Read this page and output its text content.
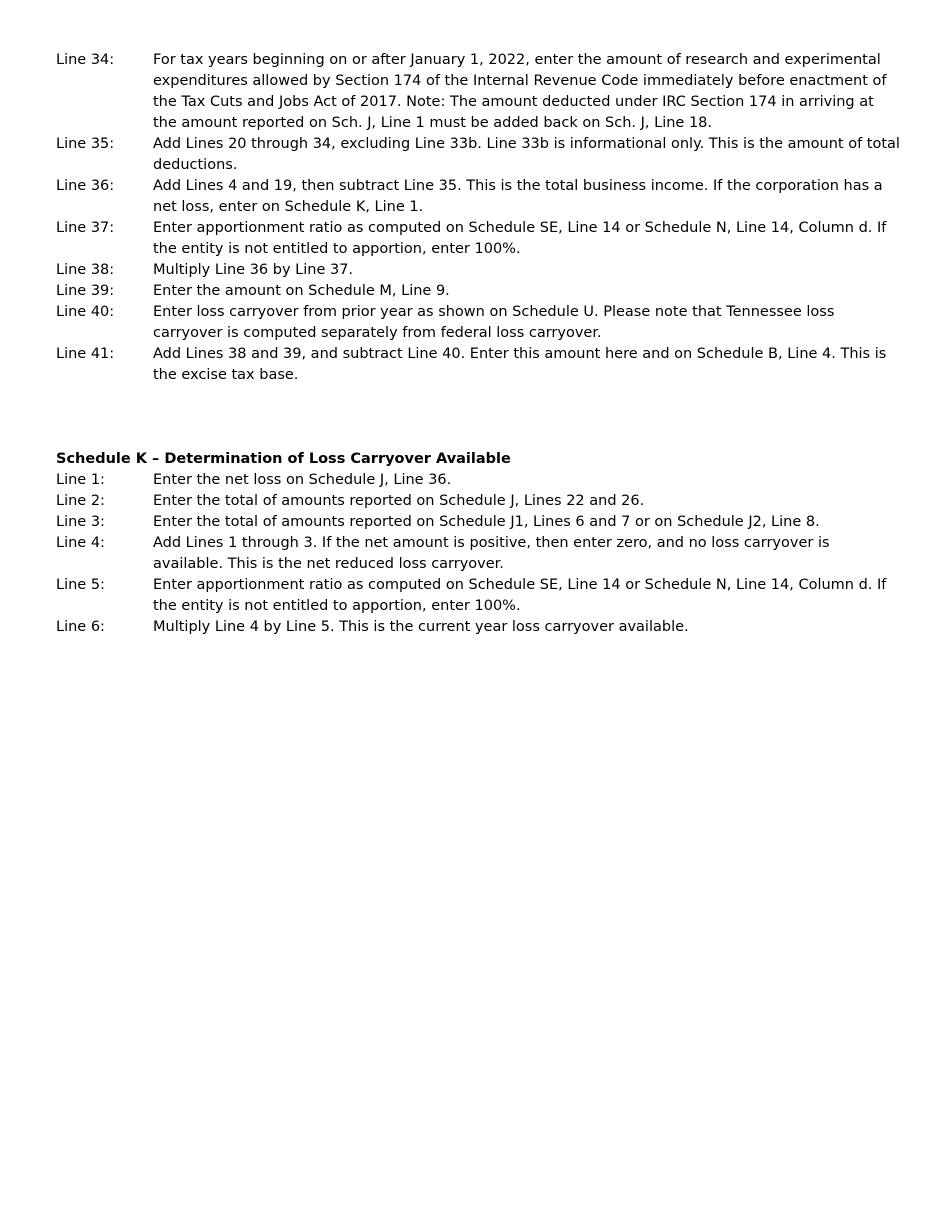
Line 34:	For tax years beginning on or after January 1, 2022, enter the amount of research and experimental expenditures allowed by Section 174 of the Internal Revenue Code immediately before enactment of the Tax Cuts and Jobs Act of 2017. Note: The amount deducted under IRC Section 174 in arriving at the amount reported on Sch. J, Line 1 must be added back on Sch. J, Line 18.
Line 35:	Add Lines 20 through 34, excluding Line 33b. Line 33b is informational only. This is the amount of total deductions.
Line 36:	Add Lines 4 and 19, then subtract Line 35. This is the total business income. If the corporation has a net loss, enter on Schedule K, Line 1.
Line 37:	Enter apportionment ratio as computed on Schedule SE, Line 14 or Schedule N, Line 14, Column d. If the entity is not entitled to apportion, enter 100%.
Line 38:	Multiply Line 36 by Line 37.
Line 39:	Enter the amount on Schedule M, Line 9.
Line 40:	Enter loss carryover from prior year as shown on Schedule U. Please note that Tennessee loss carryover is computed separately from federal loss carryover.
Line 41:	Add Lines 38 and 39, and subtract Line 40. Enter this amount here and on Schedule B, Line 4. This is the excise tax base.
Schedule K – Determination of Loss Carryover Available
Line 1:	Enter the net loss on Schedule J, Line 36.
Line 2:	Enter the total of amounts reported on Schedule J, Lines 22 and 26.
Line 3:	Enter the total of amounts reported on Schedule J1, Lines 6 and 7 or on Schedule J2, Line 8.
Line 4:	Add Lines 1 through 3. If the net amount is positive, then enter zero, and no loss carryover is available. This is the net reduced loss carryover.
Line 5:	Enter apportionment ratio as computed on Schedule SE, Line 14 or Schedule N, Line 14, Column d. If the entity is not entitled to apportion, enter 100%.
Line 6:	Multiply Line 4 by Line 5. This is the current year loss carryover available.
